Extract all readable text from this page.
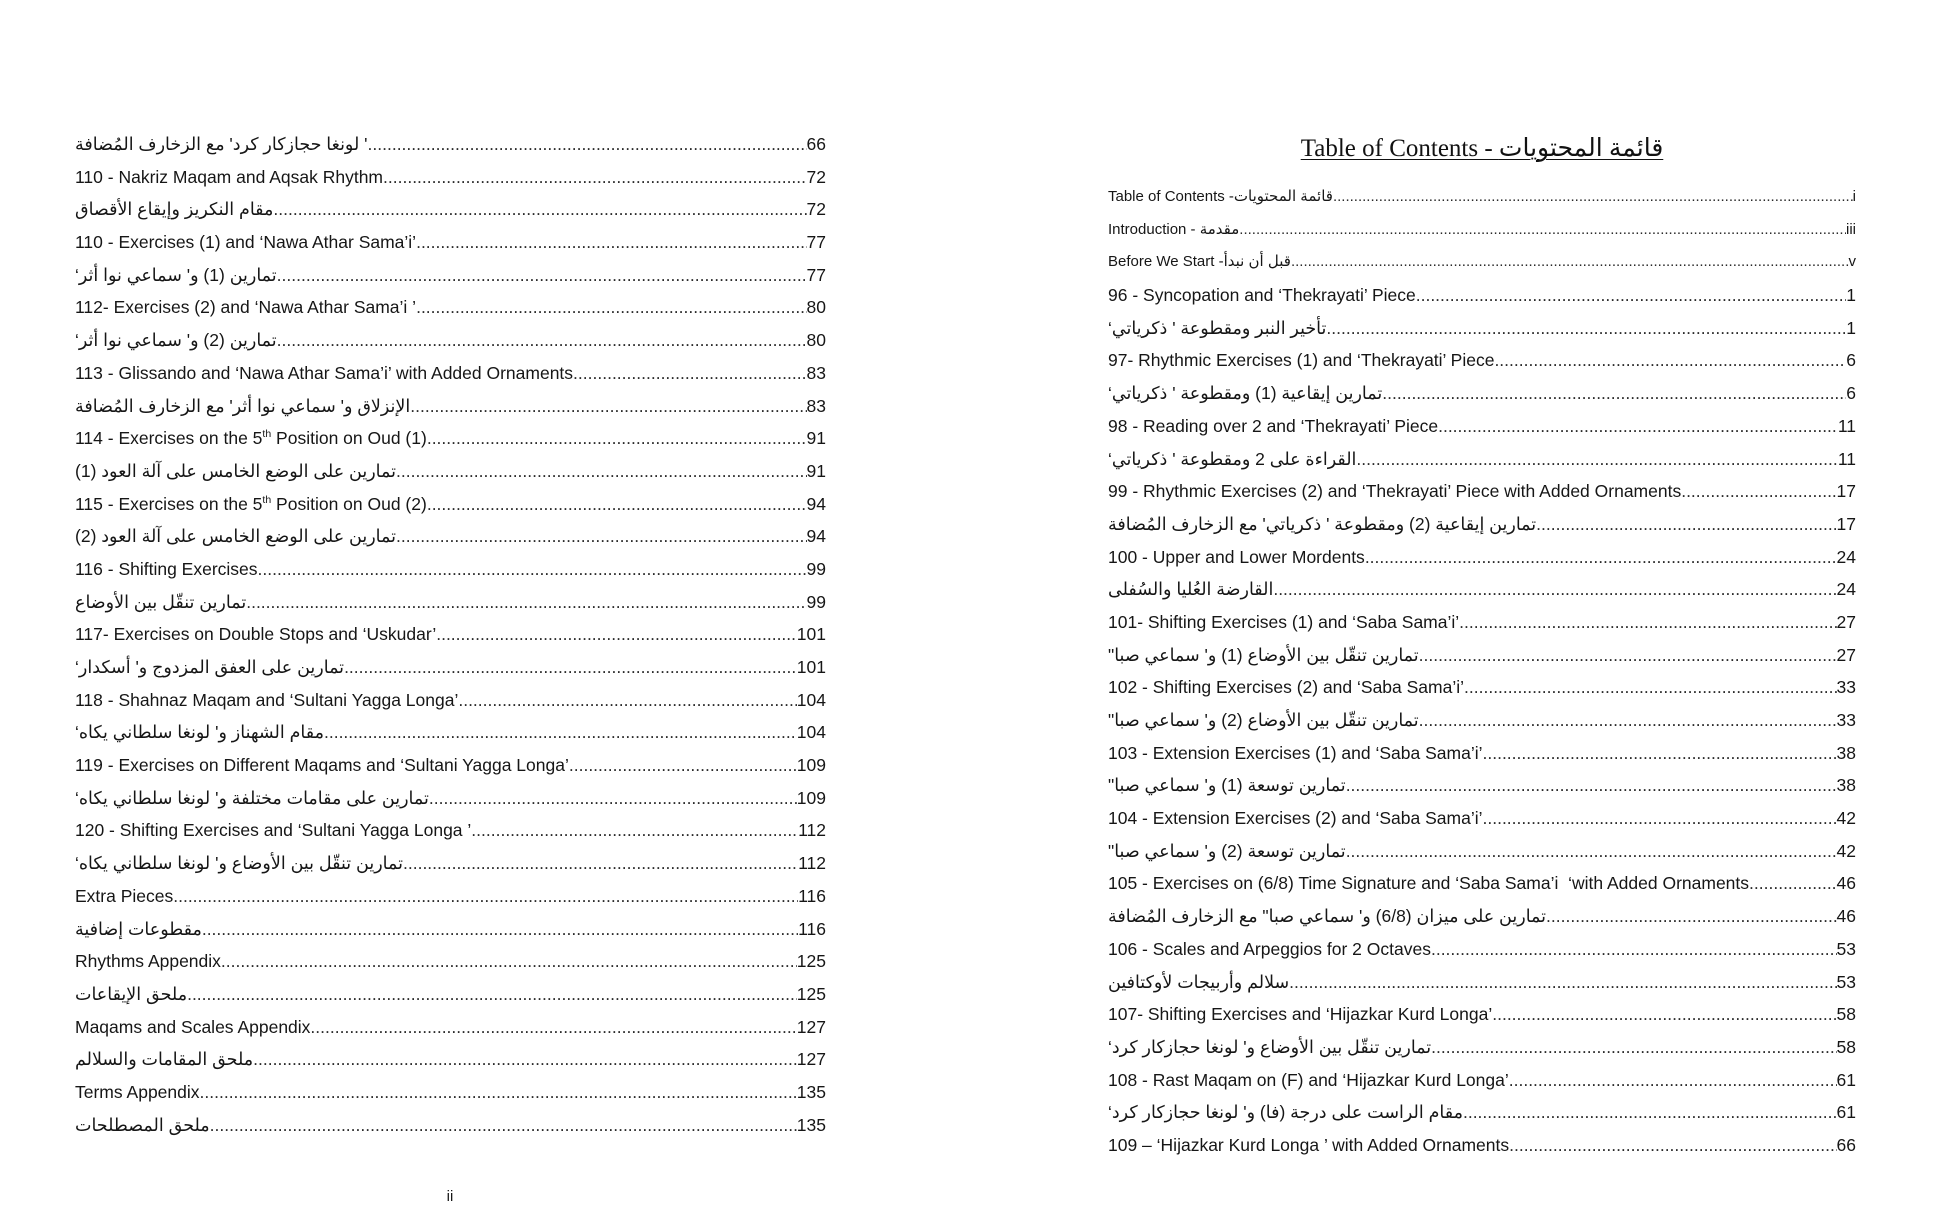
' لونغا حجازكار كرد' مع الزخارف المُضافة .....	66
110 - Nakriz Maqam and Aqsak Rhythm .....	72
مقام النكريز وإيقاع الأقصاق .....	72
110 - Exercises (1) and ‘Nawa Athar Sama’i’ .....	77
تمارين (1) و' سماعي نوا أثر‘ .....	77
112- Exercises (2) and ‘Nawa Athar Sama’i ’ .....	80
تمارين (2) و' سماعي نوا أثر‘ .....	80
113 - Glissando and ‘Nawa Athar Sama’i’ with Added Ornaments .....	83
الإنزلاق و' سماعي نوا أثر' مع الزخارف المُضافة .....	83
114 - Exercises on the 5th Position on Oud (1) .....	91
تمارين على الوضع الخامس على آلة العود (1) .....	91
115 - Exercises on the 5th Position on Oud (2) .....	94
تمارين على الوضع الخامس على آلة العود (2) .....	94
116 - Shifting Exercises .....	99
تمارين تنقّل بين الأوضاع .....	99
117- Exercises on Double Stops and ‘Uskudar’ .....	101
تمارين على العفق المزدوج و' أسكدار‘ .....	101
118 - Shahnaz Maqam and ‘Sultani Yagga Longa’ .....	104
مقام الشهناز و' لونغا سلطاني يكاه‘ .....	104
119 - Exercises on Different Maqams and ‘Sultani Yagga Longa’ .....	109
تمارين على مقامات مختلفة و' لونغا سلطاني يكاه‘ .....	109
120 - Shifting Exercises and ‘Sultani Yagga Longa ’ .....	112
تمارين تنقّل بين الأوضاع و' لونغا سلطاني يكاه‘ .....	112
Extra Pieces .....	116
مقطوعات إضافية .....	116
Rhythms Appendix .....	125
ملحق الإيقاعات .....	125
Maqams and Scales Appendix .....	127
ملحق المقامات والسلالم .....	127
Terms Appendix .....	135
ملحق المصطلحات .....	135
Table of Contents - قائمة المحتويات
Table of Contents -قائمة المحتويات .....	i
Introduction - مقدمة .....	iii
Before We Start -قبل أن نبدأ .....	v
96 - Syncopation and ‘Thekrayati’ Piece .....	1
تأخير النبر ومقطوعة ' ذكرياتي‘ .....	1
97- Rhythmic Exercises (1) and ‘Thekrayati’ Piece .....	6
تمارين إيقاعية (1) ومقطوعة ' ذكرياتي‘ .....	6
98 - Reading over 2 and ‘Thekrayati’ Piece .....	11
القراءة على 2 ومقطوعة ' ذكرياتي‘ .....	11
99 - Rhythmic Exercises (2) and ‘Thekrayati’ Piece with Added Ornaments .....	17
تمارين إيقاعية (2) ومقطوعة ' ذكرياتي' مع الزخارف المُضافة .....	17
100 - Upper and Lower Mordents .....	24
القارضة العُليا والسُفلى .....	24
101- Shifting Exercises (1) and ‘Saba Sama’i’ .....	27
تمارين تنقّل بين الأوضاع (1) و' سماعي صبا" .....	27
102 - Shifting Exercises (2) and ‘Saba Sama’i’ .....	33
تمارين تنقّل بين الأوضاع (2) و' سماعي صبا" .....	33
103 - Extension Exercises (1) and ‘Saba Sama’i’ .....	38
تمارين توسعة (1) و' سماعي صبا" .....	38
104 - Extension Exercises (2) and ‘Saba Sama’i’ .....	42
تمارين توسعة (2) و' سماعي صبا" .....	42
105 - Exercises on (6/8) Time Signature and ‘Saba Sama’i  ‘with Added Ornaments .....	46
تمارين على ميزان (6/8) و' سماعي صبا" مع الزخارف المُضافة .....	46
106 - Scales and Arpeggios for 2 Octaves .....	53
سلالم وأربيجات لأوكتافين .....	53
107- Shifting Exercises and ‘Hijazkar Kurd Longa’ .....	58
تمارين تنقّل بين الأوضاع و' لونغا حجازكار كرد‘ .....	58
108 - Rast Maqam on (F) and ‘Hijazkar Kurd Longa’ .....	61
مقام الراست على درجة (فا) و' لونغا حجازكار كرد‘ .....	61
109 – ‘Hijazkar Kurd Longa ’ with Added Ornaments .....	66
ii
